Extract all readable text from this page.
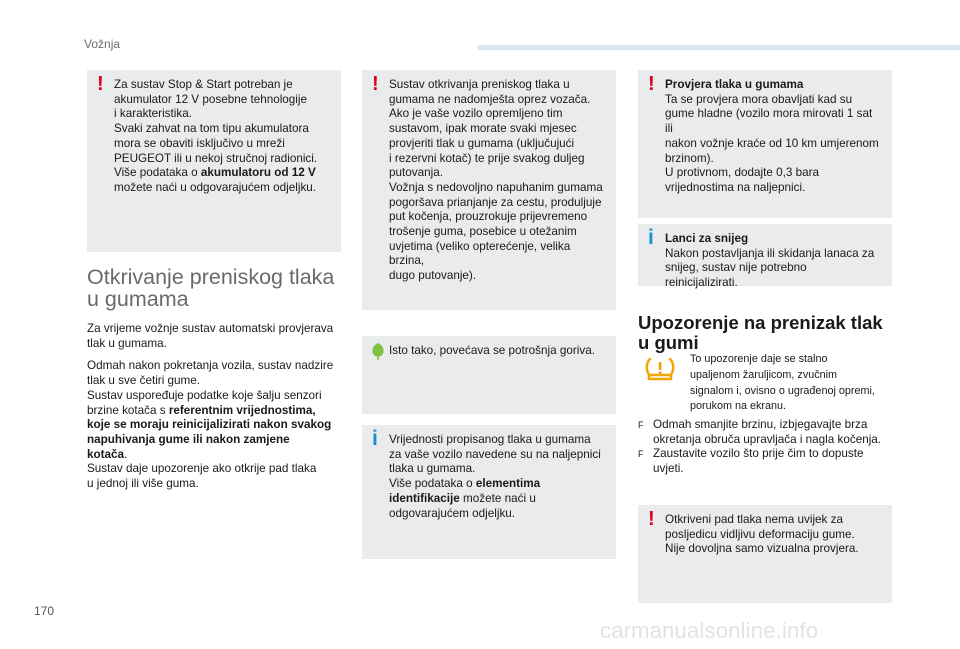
Vožnja
! Za sustav Stop & Start potreban je
akumulator 12 V posebne tehnologije
i karakteristika.
Svaki zahvat na tom tipu akumulatora
mora se obaviti isključivo u mreži
PEUGEOT ili u nekoj stručnoj radionici.
Više podataka o akumulatoru od 12 V
možete naći u odgovarajućem odjeljku.

Otkrivanje preniskog tlaka
u gumama

Za vrijeme vožnje sustav automatski provjerava
tlak u gumama.

Odmah nakon pokretanja vozila, sustav nadzire
tlak u sve četiri gume.
Sustav uspoređuje podatke koje šalju senzori
brzine kotača s referentnim vrijednostima,
koje se moraju reinicijalizirati nakon svakog
napuhivanja gume ili nakon zamjene
kotača.
Sustav daje upozorenje ako otkrije pad tlaka
u jednoj ili više guma.

! Sustav otkrivanja preniskog tlaka u
gumama ne nadomješta oprez vozača.
Ako je vaše vozilo opremljeno tim
sustavom, ipak morate svaki mjesec
provjeriti tlak u gumama (uključujući
i rezervni kotač) te prije svakog duljeg
putovanja.
Vožnja s nedovoljno napuhanim gumama
pogoršava prianjanje za cestu, produljuje
put kočenja, prouzrokuje prijevremeno
trošenje guma, posebice u otežanim
uvjetima (veliko opterećenje, velika brzina,
dugo putovanje).

Isto tako, povećava se potrošnja goriva.

i Vrijednosti propisanog tlaka u gumama
za vaše vozilo navedene su na naljepnici
tlaka u gumama.
Više podataka o elementima
identifikacije možete naći u
odgovarajućem odjeljku.

! Provjera tlaka u gumama

Ta se provjera mora obavljati kad su
gume hladne (vozilo mora mirovati 1 sat ili
nakon vožnje kraće od 10 km umjerenom
brzinom).
U protivnom, dodajte 0,3 bara
vrijednostima na naljepnici.

i Lanci za snijeg

Nakon postavljanja ili skidanja lanaca za
snijeg, sustav nije potrebno reinicijalizirati.

Upozorenje na prenizak tlak
u gumi

To upozorenje daje se stalno
upaljenom žaruljicom, zvučnim
signalom i, ovisno o ugrađenoj opremi,
porukom na ekranu.

F Odmah smanjite brzinu, izbjegavajte brza
okretanja obruča upravljača i nagla kočenja.

F Zaustavite vozilo što prije čim to dopuste
uvjeti.

! Otkriveni pad tlaka nema uvijek za
posljedicu vidljivu deformaciju gume.
Nije dovoljna samo vizualna provjera.

170
carmanualsonline.info
